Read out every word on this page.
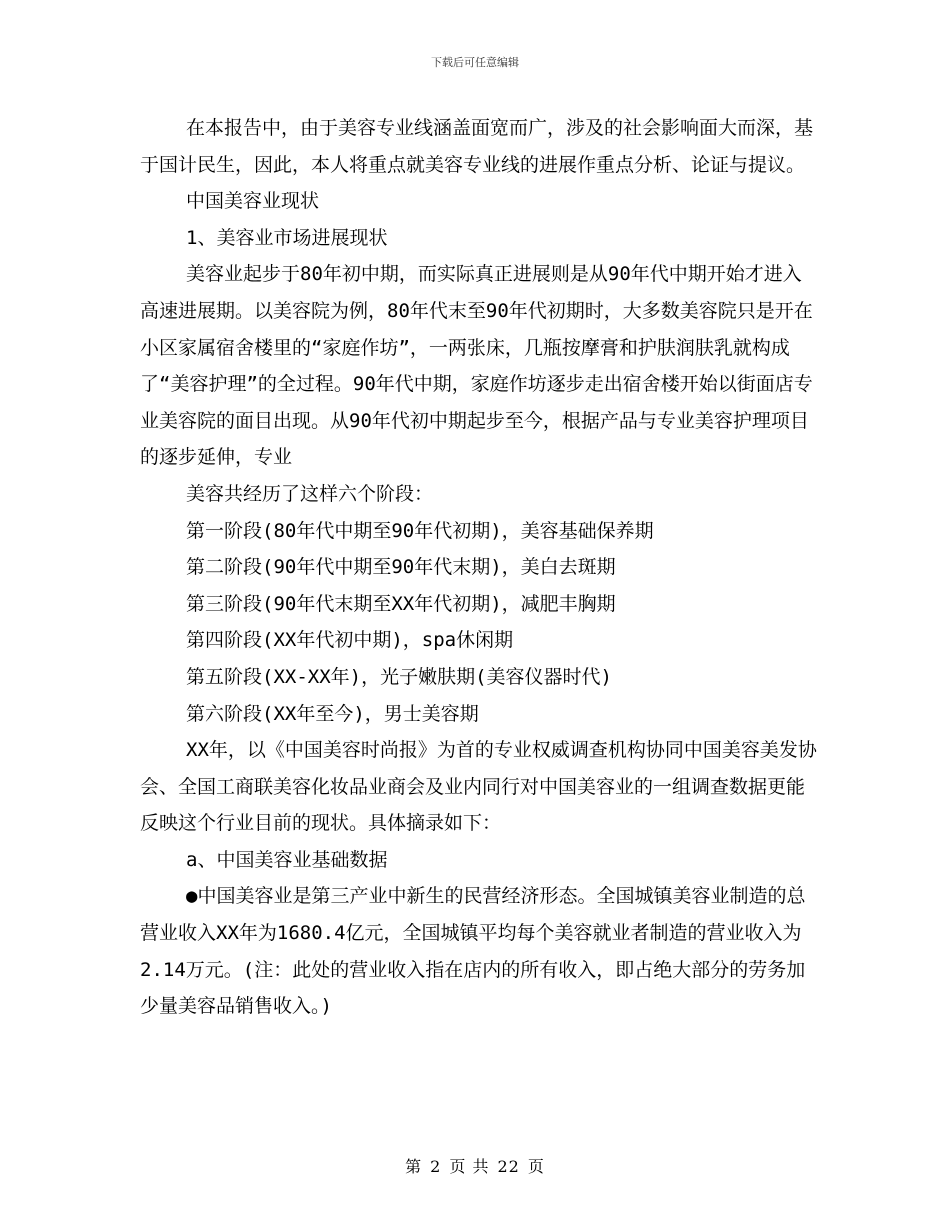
下载后可任意编辑

在本报告中，由于美容专业线涵盖面宽而广，涉及的社会影响面大而深，基于国计民生，因此，本人将重点就美容专业线的进展作重点分析、论证与提议。

中国美容业现状

1、美容业市场进展现状

美容业起步于80年初中期，而实际真正进展则是从90年代中期开始才进入高速进展期。以美容院为例，80年代末至90年代初期时，大多数美容院只是开在小区家属宿舍楼里的“家庭作坊”，一两张床，几瓶按摩膏和护肤润肤乳就构成了“美容护理”的全过程。90年代中期，家庭作坊逐步走出宿舍楼开始以街面店专业美容院的面目出现。从90年代初中期起步至今，根据产品与专业美容护理项目的逐步延伸，专业

美容共经历了这样六个阶段：

第一阶段(80年代中期至90年代初期)，美容基础保养期

第二阶段(90年代中期至90年代末期)，美白去斑期

第三阶段(90年代末期至XX年代初期)，减肥丰胸期

第四阶段(XX年代初中期)，spa休闲期

第五阶段(XX-XX年)，光子嫩肤期(美容仪器时代)

第六阶段(XX年至今)，男士美容期

XX年，以《中国美容时尚报》为首的专业权威调查机构协同中国美容美发协会、全国工商联美容化妆品业商会及业内同行对中国美容业的一组调查数据更能反映这个行业目前的现状。具体摘录如下：

a、中国美容业基础数据

●中国美容业是第三产业中新生的民营经济形态。全国城镇美容业制造的总营业收入XX年为1680.4亿元，全国城镇平均每个美容就业者制造的营业收入为2.14万元。(注：此处的营业收入指在店内的所有收入，即占绝大部分的劳务加少量美容品销售收入。)

第 2 页 共 22 页
